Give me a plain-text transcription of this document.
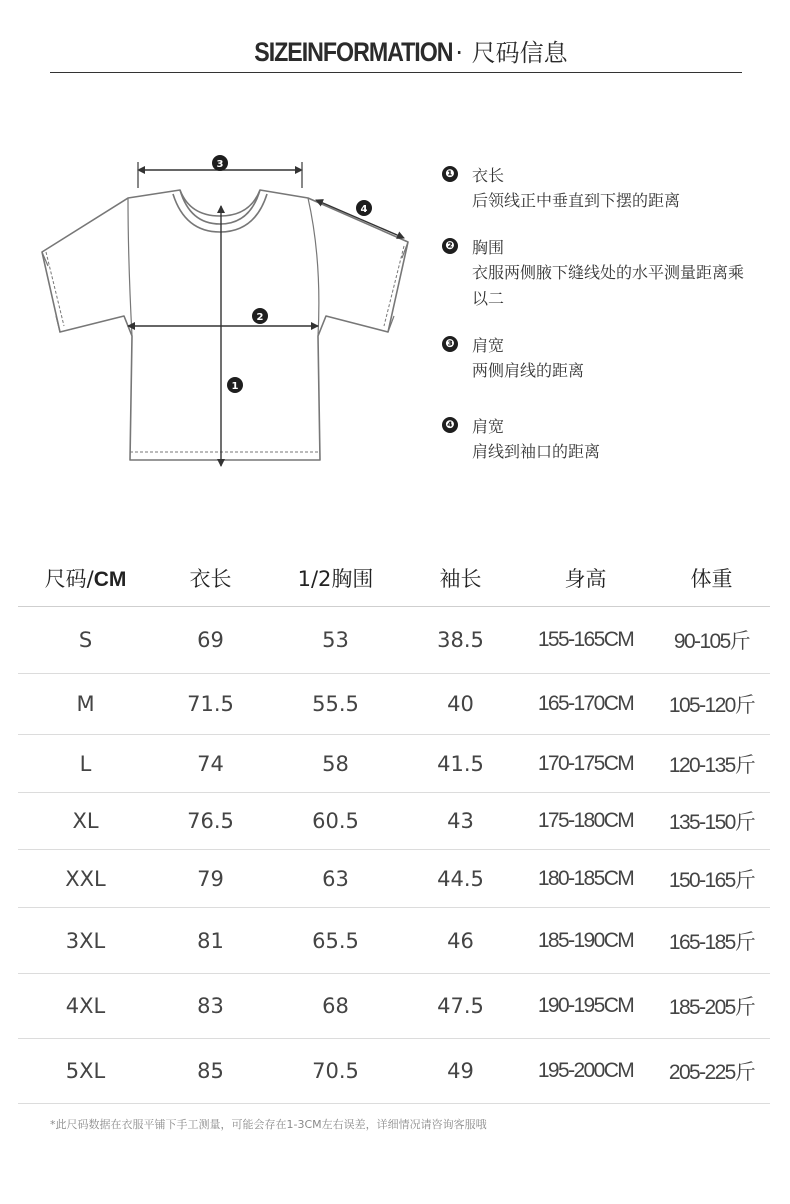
SIZEINFORMATION · 尺码信息
3
4
2
1
❶ 衣长
后领线正中垂直到下摆的距离
❷ 胸围
衣服两侧腋下缝线处的水平测量距离乘以二
❸ 肩宽
两侧肩线的距离
❹ 肩宽
肩线到袖口的距离
尺码/CM	衣长	1/2胸围	袖长	身高	体重
S	69	53	38.5	155-165CM	90-105斤
M	71.5	55.5	40	165-170CM	105-120斤
L	74	58	41.5	170-175CM	120-135斤
XL	76.5	60.5	43	175-180CM	135-150斤
XXL	79	63	44.5	180-185CM	150-165斤
3XL	81	65.5	46	185-190CM	165-185斤
4XL	83	68	47.5	190-195CM	185-205斤
5XL	85	70.5	49	195-200CM	205-225斤
*此尺码数据在衣服平铺下手工测量，可能会存在1-3CM左右误差，详细情况请咨询客服哦
